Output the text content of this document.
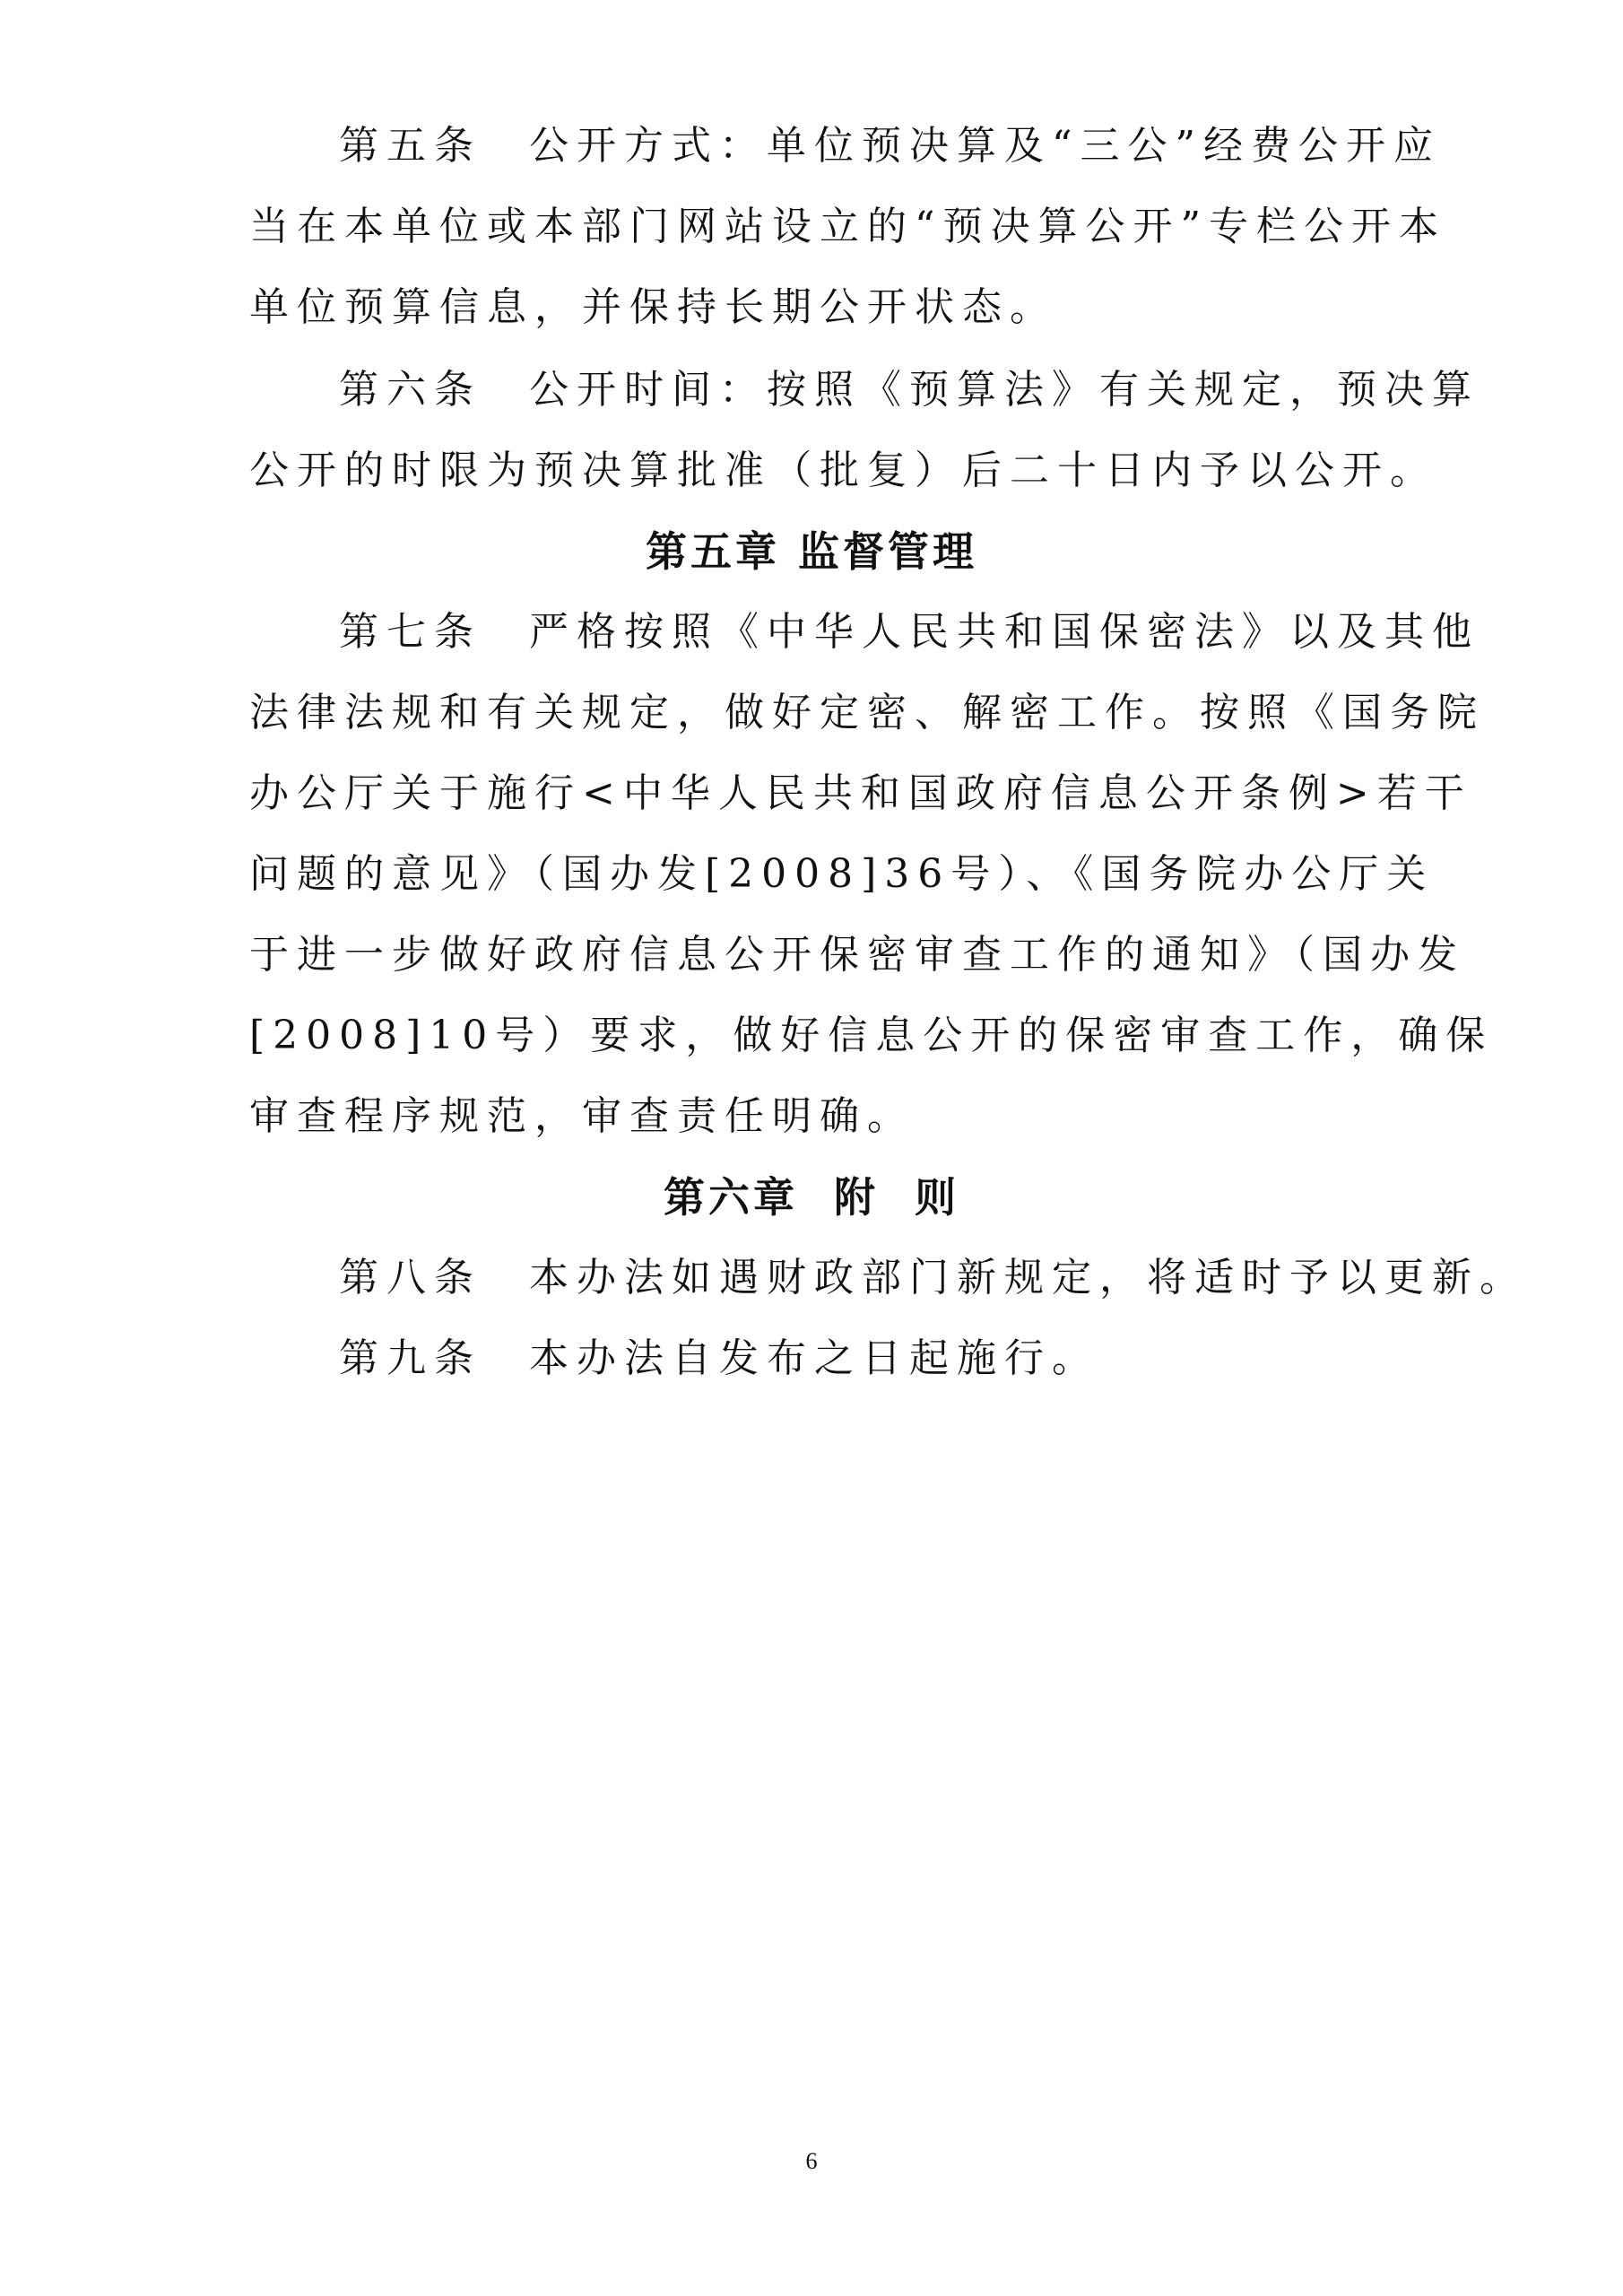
第五条　公开方式：单位预决算及“三公”经费公开应
当在本单位或本部门网站设立的“预决算公开”专栏公开本
单位预算信息，并保持长期公开状态。
第六条　公开时间：按照《预算法》有关规定，预决算
公开的时限为预决算批准（批复）后二十日内予以公开。
第五章 监督管理
第七条　严格按照《中华人民共和国保密法》以及其他
法律法规和有关规定，做好定密、解密工作。按照《国务院
办公厅关于施行<中华人民共和国政府信息公开条例>若干
问题的意见》（国办发[2008]36号）、《国务院办公厅关
于进一步做好政府信息公开保密审查工作的通知》（国办发
[2008]10号）要求，做好信息公开的保密审查工作，确保
审查程序规范，审查责任明确。
第六章  附  则
第八条　本办法如遇财政部门新规定，将适时予以更新。
第九条　本办法自发布之日起施行。
6
